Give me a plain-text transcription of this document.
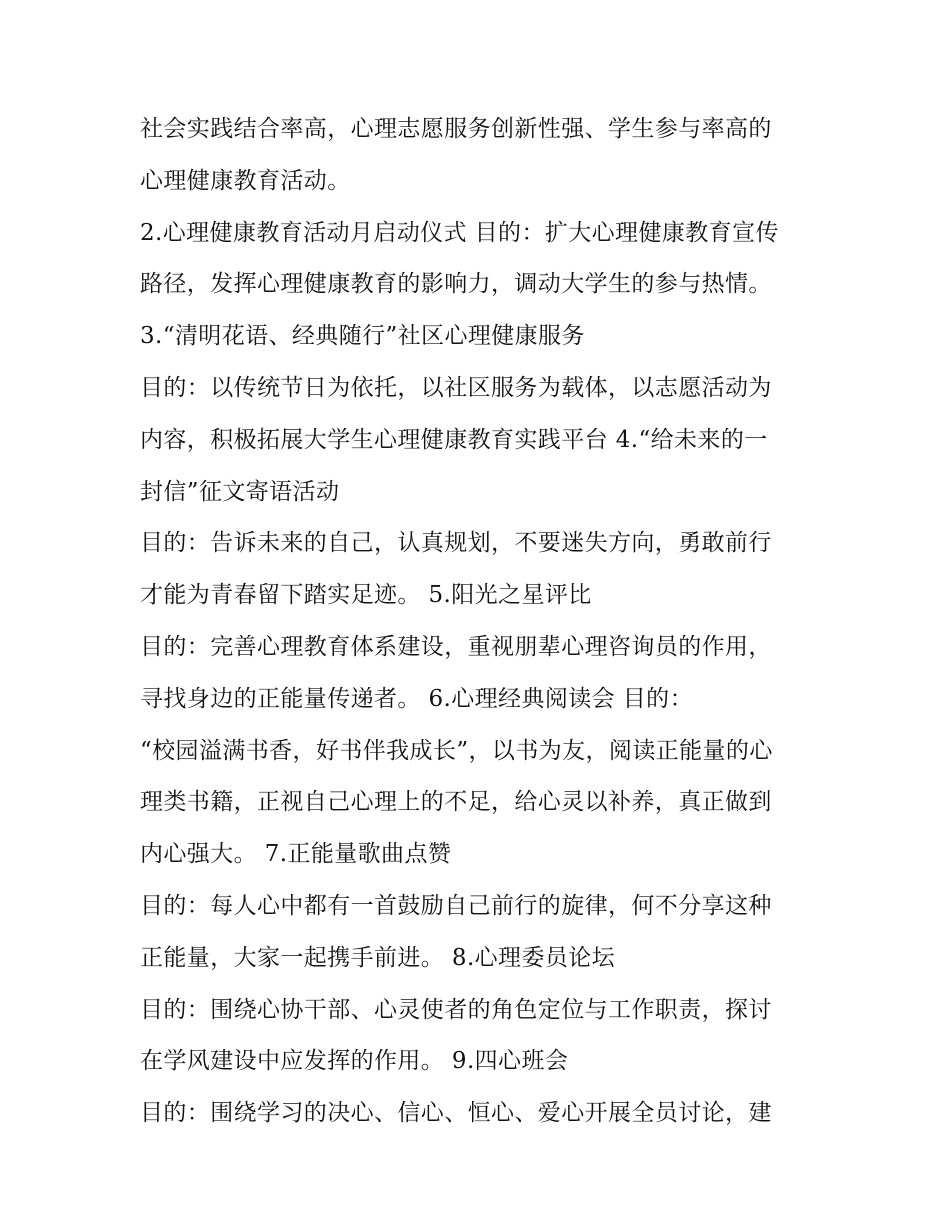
社会实践结合率高，心理志愿服务创新性强、学生参与率高的
心理健康教育活动。
2.心理健康教育活动月启动仪式 目的：扩大心理健康教育宣传
路径，发挥心理健康教育的影响力，调动大学生的参与热情。
3.“清明花语、经典随行”社区心理健康服务
目的：以传统节日为依托，以社区服务为载体，以志愿活动为
内容，积极拓展大学生心理健康教育实践平台 4.“给未来的一
封信”征文寄语活动
目的：告诉未来的自己，认真规划，不要迷失方向，勇敢前行
才能为青春留下踏实足迹。 5.阳光之星评比
目的：完善心理教育体系建设，重视朋辈心理咨询员的作用，
寻找身边的正能量传递者。 6.心理经典阅读会 目的：
“校园溢满书香，好书伴我成长”，以书为友，阅读正能量的心
理类书籍，正视自己心理上的不足，给心灵以补养，真正做到
内心强大。 7.正能量歌曲点赞
目的：每人心中都有一首鼓励自己前行的旋律，何不分享这种
正能量，大家一起携手前进。 8.心理委员论坛
目的：围绕心协干部、心灵使者的角色定位与工作职责，探讨
在学风建设中应发挥的作用。 9.四心班会
目的：围绕学习的决心、信心、恒心、爱心开展全员讨论，建
